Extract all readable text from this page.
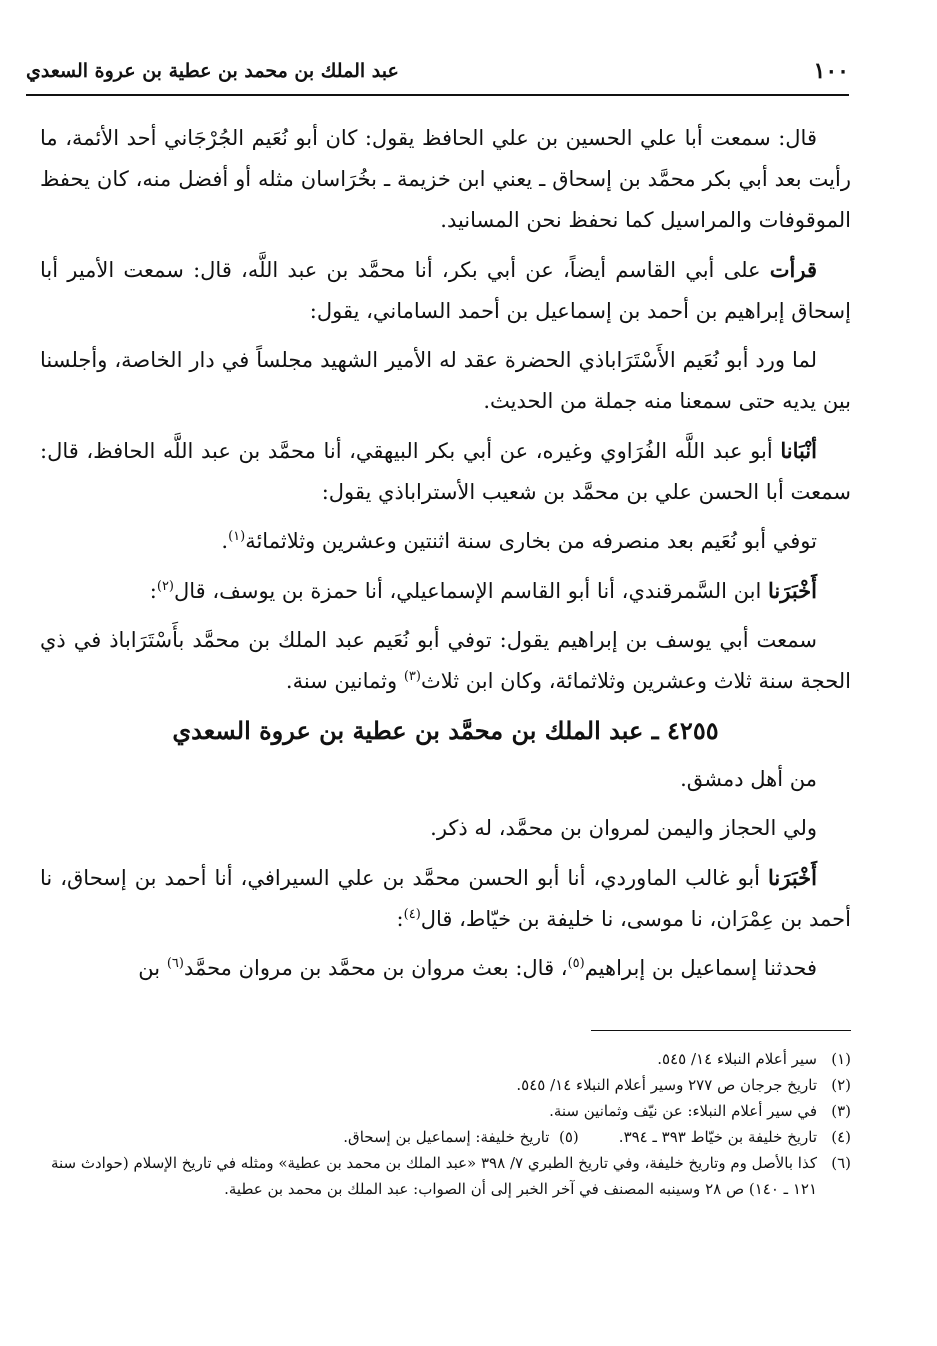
١٠٠
عبد الملك بن محمد بن عطية بن عروة السعدي

قال: سمعت أبا علي الحسين بن علي الحافظ يقول: كان أبو نُعَيم الجُرْجَاني أحد الأئمة، ما رأيت بعد أبي بكر محمَّد بن إسحاق ـ يعني ابن خزيمة ـ بخُرَاسان مثله أو أفضل منه، كان يحفظ الموقوفات والمراسيل كما نحفظ نحن المسانيد.

قرأت على أبي القاسم أيضاً، عن أبي بكر، أنا محمَّد بن عبد اللَّه، قال: سمعت الأمير أبا إسحاق إبراهيم بن أحمد بن إسماعيل بن أحمد الساماني، يقول:

لما ورد أبو نُعَيم الأَسْتَرَاباذي الحضرة عقد له الأمير الشهيد مجلساً في دار الخاصة، وأجلسنا بين يديه حتى سمعنا منه جملة من الحديث.

أنْبَانا أبو عبد اللَّه الفُرَاوي وغيره، عن أبي بكر البيهقي، أنا محمَّد بن عبد اللَّه الحافظ، قال: سمعت أبا الحسن علي بن محمَّد بن شعيب الأستراباذي يقول:

توفي أبو نُعَيم بعد منصرفه من بخارى سنة اثنتين وعشرين وثلاثمائة$^{(١)}$.

أَخْبَرَنا ابن السَّمرقندي، أنا أبو القاسم الإسماعيلي، أنا حمزة بن يوسف، قال$^{(٢)}$:

سمعت أبي يوسف بن إبراهيم يقول: توفي أبو نُعَيم عبد الملك بن محمَّد بأَسْتَرَاباذ في ذي الحجة سنة ثلاث وعشرين وثلاثمائة، وكان ابن ثلاث$^{(٣)}$ وثمانين سنة.

٤٢٥٥ ـ عبد الملك بن محمَّد بن عطية بن عروة السعدي

من أهل دمشق.

ولي الحجاز واليمن لمروان بن محمَّد، له ذكر.

أَخْبَرَنا أبو غالب الماوردي، أنا أبو الحسن محمَّد بن علي السيرافي، أنا أحمد بن إسحاق، نا أحمد بن عِمْرَان، نا موسى، نا خليفة بن خيّاط، قال$^{(٤)}$:

فحدثنا إسماعيل بن إبراهيم$^{(٥)}$، قال: بعث مروان بن محمَّد بن مروان محمَّد$^{(٦)}$ بن

(١)
سير أعلام النبلاء ١٤/ ٥٤٥.
(٢)
تاريخ جرجان ص ٢٧٧ وسير أعلام النبلاء ١٤/ ٥٤٥.
(٣)
في سير أعلام النبلاء: عن نيّف وثمانين سنة.
(٤)
تاريخ خليفة بن خيّاط ٣٩٣ ـ ٣٩٤.(٥)  تاريخ خليفة: إسماعيل بن إسحاق.
(٦)
كذا بالأصل وم وتاريخ خليفة، وفي تاريخ الطبري ٧/ ٣٩٨ «عبد الملك بن محمد بن عطية» ومثله في تاريخ الإسلام (حوادث سنة ١٢١ ـ ١٤٠) ص ٢٨ وسينبه المصنف في آخر الخبر إلى أن الصواب: عبد الملك بن محمد بن عطية.
